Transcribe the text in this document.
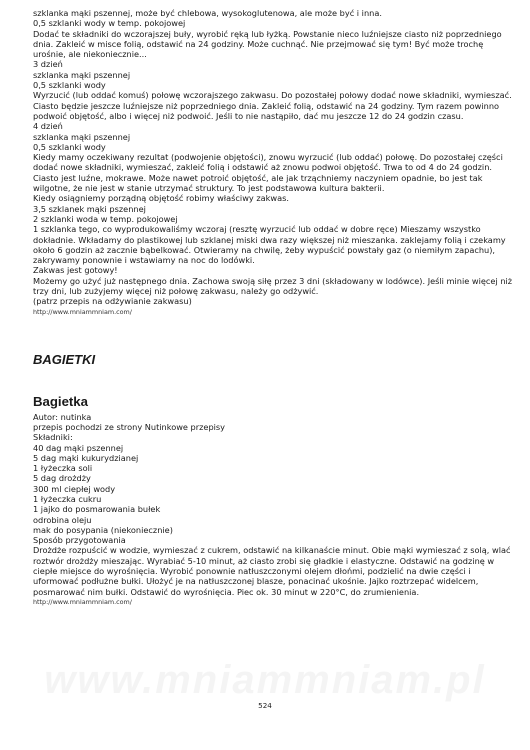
szklanka mąki pszennej, może być chlebowa, wysokoglutenowa, ale może być i inna.
0,5 szklanki wody w temp. pokojowej
Dodać te składniki do wczorajszej buły, wyrobić ręką lub łyżką. Powstanie nieco luźniejsze ciasto niż poprzedniego
dnia. Zakleić w misce folią, odstawić na 24 godziny. Może cuchnąć. Nie przejmować się tym! Być może trochę
urośnie, ale niekoniecznie...
3 dzień
szklanka mąki pszennej
0,5 szklanki wody
Wyrzucić (lub oddać komuś) połowę wczorajszego zakwasu. Do pozostałej połowy dodać nowe składniki, wymieszać.
Ciasto będzie jeszcze luźniejsze niż poprzedniego dnia. Zakleić folią, odstawić na 24 godziny. Tym razem powinno
podwoić objętość, albo i więcej niż podwoić. Jeśli to nie nastąpiło, dać mu jeszcze 12 do 24 godzin czasu.
4 dzień
szklanka mąki pszennej
0,5 szklanki wody
Kiedy mamy oczekiwany rezultat (podwojenie objętości), znowu wyrzucić (lub oddać) połowę. Do pozostałej części
dodać nowe składniki, wymieszać, zakleić folią i odstawić aż znowu podwoi objętość. Trwa to od 4 do 24 godzin.
Ciasto jest luźne, mokrawe. Może nawet potroić objętość, ale jak trząchniemy naczyniem opadnie, bo jest tak
wilgotne, że nie jest w stanie utrzymać struktury. To jest podstawowa kultura bakterii.
Kiedy osiągniemy porządną objętość robimy właściwy zakwas.
3,5 szklanek mąki pszennej
2 szklanki woda w temp. pokojowej
1 szklanka tego, co wyprodukowaliśmy wczoraj (resztę wyrzucić lub oddać w dobre ręce) Mieszamy wszystko
dokładnie. Wkładamy do plastikowej lub szklanej miski dwa razy większej niż mieszanka. zaklejamy folią i czekamy
około 6 godzin aż zacznie bąbelkować. Otwieramy na chwilę, żeby wypuścić powstały gaz (o niemiłym zapachu),
zakrywamy ponownie i wstawiamy na noc do lodówki.
Zakwas jest gotowy!
Możemy go użyć już następnego dnia. Zachowa swoją siłę przez 3 dni (składowany w lodówce). Jeśli minie więcej niż
trzy dni, lub zużyjemy więcej niż połowę zakwasu, należy go odżywić.
(patrz przepis na odżywianie zakwasu)
http://www.mniammniam.com/
BAGIETKI
Bagietka
Autor: nutinka
przepis pochodzi ze strony Nutinkowe przepisy
Składniki:
40 dag mąki pszennej
5 dag mąki kukurydzianej
1 łyżeczka soli
5 dag drożdży
300 ml ciepłej wody
1 łyżeczka cukru
1 jajko do posmarowania bułek
odrobina oleju
mak do posypania (niekoniecznie)
Sposób przygotowania
Drożdże rozpuścić w wodzie, wymieszać z cukrem, odstawić na kilkanaście minut. Obie mąki wymieszać z solą, wlać
roztwór drożdży mieszając. Wyrabiać 5-10 minut, aż ciasto zrobi się gładkie i elastyczne. Odstawić na godzinę w
ciepłe miejsce do wyrośnięcia. Wyrobić ponownie natłuszczonymi olejem dłońmi, podzielić na dwie części i
uformować podłużne bułki. Ułożyć je na natłuszczonej blasze, ponacinać ukośnie. Jajko roztrzepać widelcem,
posmarować nim bułki. Odstawić do wyrośnięcia. Piec ok. 30 minut w 220°C, do zrumienienia.
http://www.mniammniam.com/
524
